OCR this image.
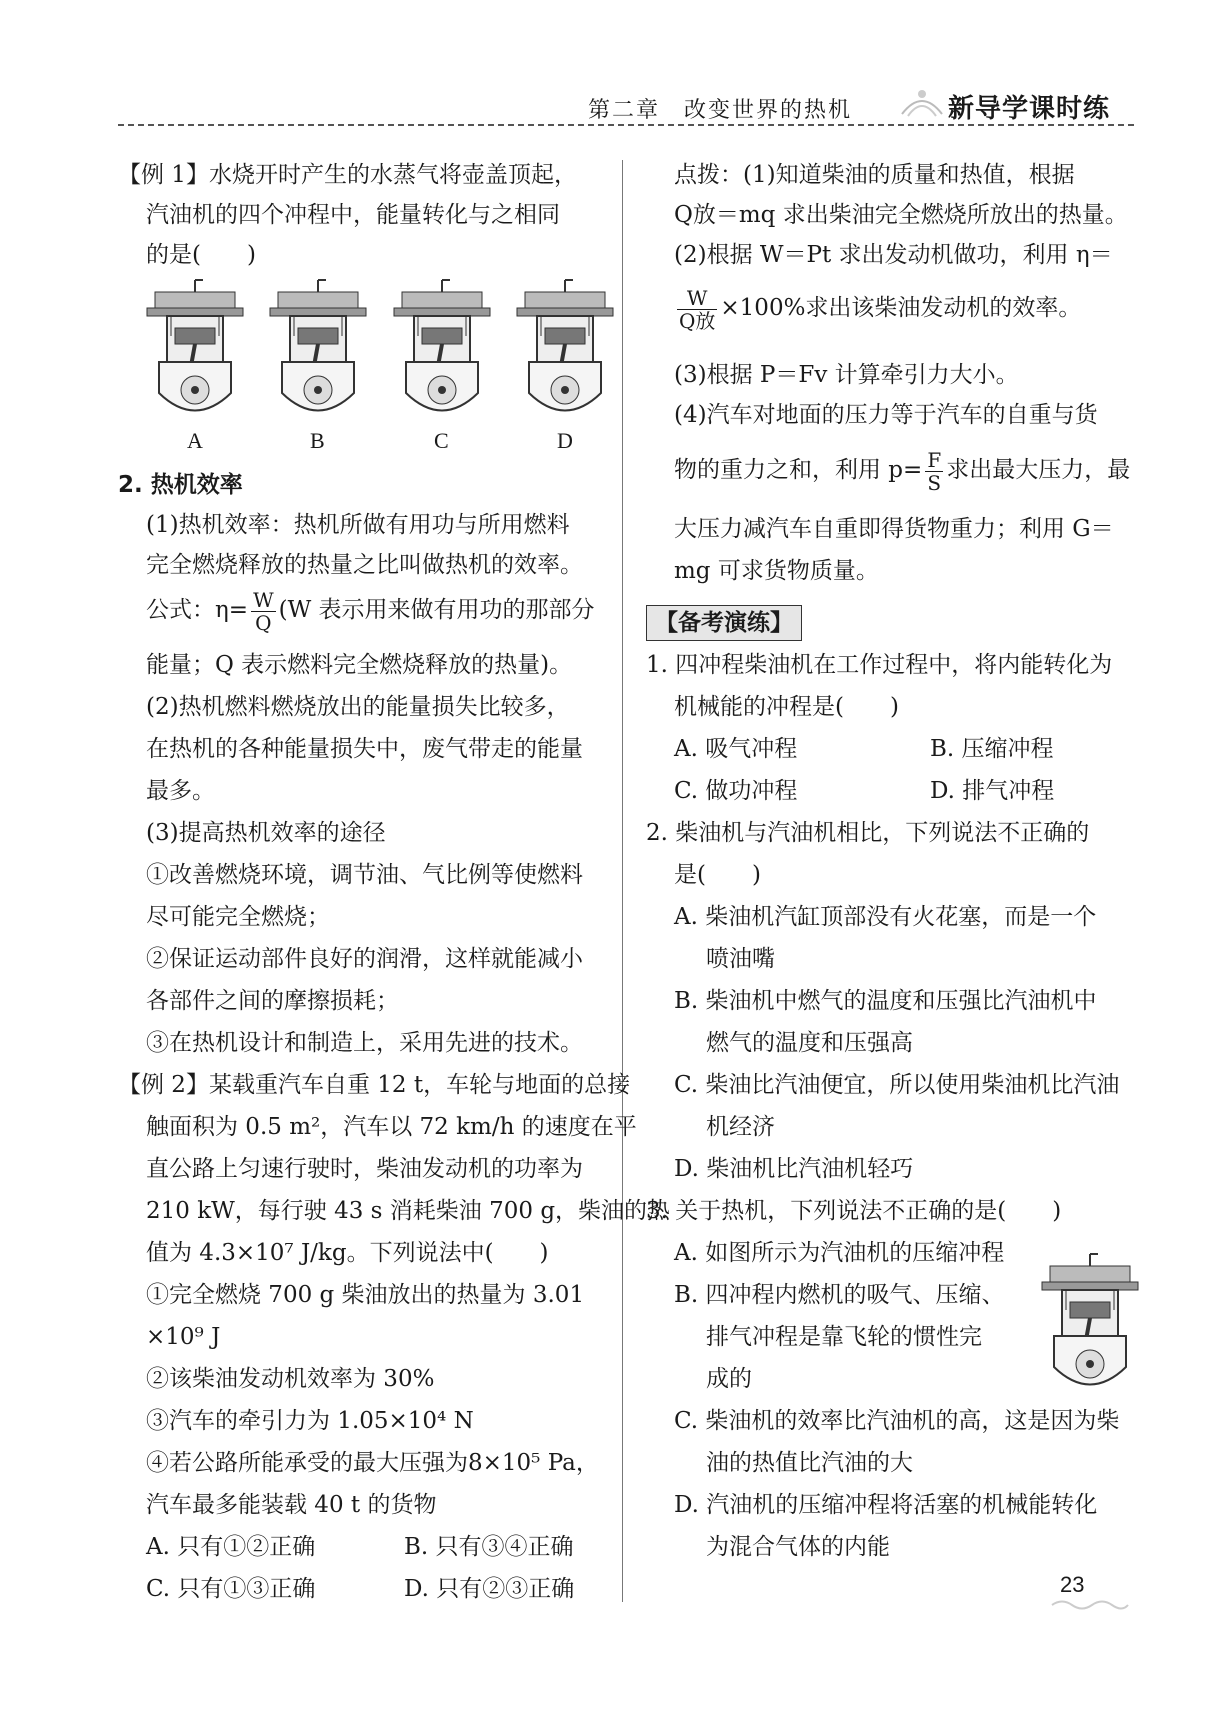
第二章　改变世界的热机	新导学课时练
【例 1】水烧开时产生的水蒸气将壶盖顶起，
汽油机的四个冲程中，能量转化与之相同
的是(　　)
2. 热机效率
(1)热机效率：热机所做有用功与所用燃料
完全燃烧释放的热量之比叫做热机的效率。
能量；Q 表示燃料完全燃烧释放的热量)。
(2)热机燃料燃烧放出的能量损失比较多，
在热机的各种能量损失中，废气带走的能量
最多。
(3)提高热机效率的途径
①改善燃烧环境，调节油、气比例等使燃料
尽可能完全燃烧；
②保证运动部件良好的润滑，这样就能减小
各部件之间的摩擦损耗；
③在热机设计和制造上，采用先进的技术。
【例 2】某载重汽车自重 12 t，车轮与地面的总接
触面积为 0.5 m²，汽车以 72 km/h 的速度在平
直公路上匀速行驶时，柴油发动机的功率为
210 kW，每行驶 43 s 消耗柴油 700 g，柴油的热
值为 4.3×10⁷ J/kg。下列说法中(　　)
①完全燃烧 700 g 柴油放出的热量为 3.01
×10⁹ J
②该柴油发动机效率为 30%
③汽车的牵引力为 1.05×10⁴ N
④若公路所能承受的最大压强为8×10⁵ Pa，
汽车最多能装载 40 t 的货物
A. 只有①②正确	B. 只有③④正确
C. 只有①③正确	D. 只有②③正确
点拨：(1)知道柴油的质量和热值，根据
Q放＝mq 求出柴油完全燃烧所放出的热量。
(2)根据 W＝Pt 求出发动机做功，利用 η＝
(3)根据 P＝Fv 计算牵引力大小。
(4)汽车对地面的压力等于汽车的自重与货
大压力减汽车自重即得货物重力；利用 G＝
mg 可求货物质量。
1. 四冲程柴油机在工作过程中，将内能转化为
机械能的冲程是(　　)
A. 吸气冲程	B. 压缩冲程
C. 做功冲程	D. 排气冲程
2. 柴油机与汽油机相比，下列说法不正确的
是(　　)
A. 柴油机汽缸顶部没有火花塞，而是一个
喷油嘴
B. 柴油机中燃气的温度和压强比汽油机中
燃气的温度和压强高
C. 柴油比汽油便宜，所以使用柴油机比汽油
机经济
D. 柴油机比汽油机轻巧
3. 关于热机，下列说法不正确的是(　　)
A. 如图所示为汽油机的压缩冲程
B. 四冲程内燃机的吸气、压缩、
排气冲程是靠飞轮的惯性完
成的
C. 柴油机的效率比汽油机的高，这是因为柴
油的热值比汽油的大
D. 汽油机的压缩冲程将活塞的机械能转化
为混合气体的内能
公式：$\eta= \frac{W}{Q} (W$ 表示用来做有用功的那部分
A	B	C	D
$\frac{W}{\text{Q放}} \times 100\%$求出该柴油发动机的效率。
物的重力之和，利用 $p= \frac{F}{S}$ 求出最大压力，最
【备考演练】
23
